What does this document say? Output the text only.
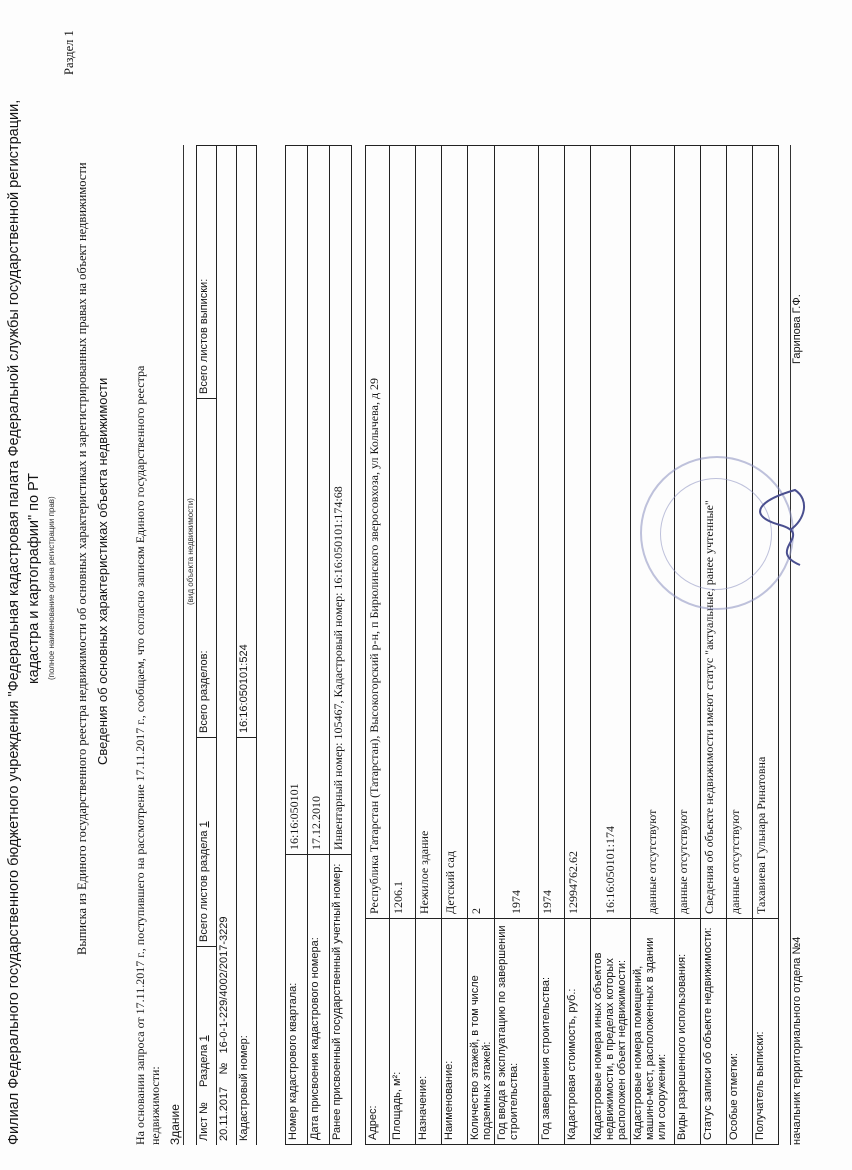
Филиал Федерального государственного бюджетного учреждения "Федеральная кадастровая палата Федеральной службы государственной регистрации, кадастра и картографии" по РТ (полное наименование органа регистрации прав)
Раздел 1
Выписка из Единого государственного реестра недвижимости об основных характеристиках и зарегистрированных правах на объект недвижимости Сведения об основных характеристиках объекта недвижимости На основании запроса от 17.11.2017 г., поступившего на рассмотрение 17.11.2017 г., сообщаем, что согласно записям Единого государственного реестра недвижимости: Здание
(вид объекта недвижимости)
Лист №     Раздела 1	Всего листов раздела 1	Всего разделов:	Всего листов выписки:
20.11.2017    №   16-0-1-229/4002/2017-3229			
Кадастровый номер:		16:16:050101:524	
Номер кадастрового квартала:	16:16:050101
Дата присвоения кадастрового номера:	17.12.2010
Ранее присвоенный государственный учетный номер:	Инвентарный номер: 105467, Кадастровый номер: 16:16:050101:174:68
Адрес:	Республика Татарстан (Татарстан), Высокогорский р-н, п Бирюлинского зверосовхоза, ул Колычева, д 29
Площадь, м²:	1206.1
Назначение:	Нежилое здание
Наименование:	Детский сад
Количество этажей, в том числе подземных этажей:	2
Год ввода в эксплуатацию по завершении строительства:	1974
Год завершения строительства:	1974
Кадастровая стоимость, руб.:	12994762.62
Кадастровые номера иных объектов недвижимости, в пределах которых расположен объект недвижимости:	16:16:050101:174
Кадастровые номера помещений, машино-мест, расположенных в здании или сооружении:	данные отсутствуют
Виды разрешенного использования:	данные отсутствуют
Статус записи об объекте недвижимости:	Сведения об объекте недвижимости имеют статус "актуальные, ранее учтенные"
Особые отметки:	данные отсутствуют
Получатель выписки:	Тахавиева Гульнара Ринатовна
начальник территориального отдела №4
Гарипова Г.Ф.
